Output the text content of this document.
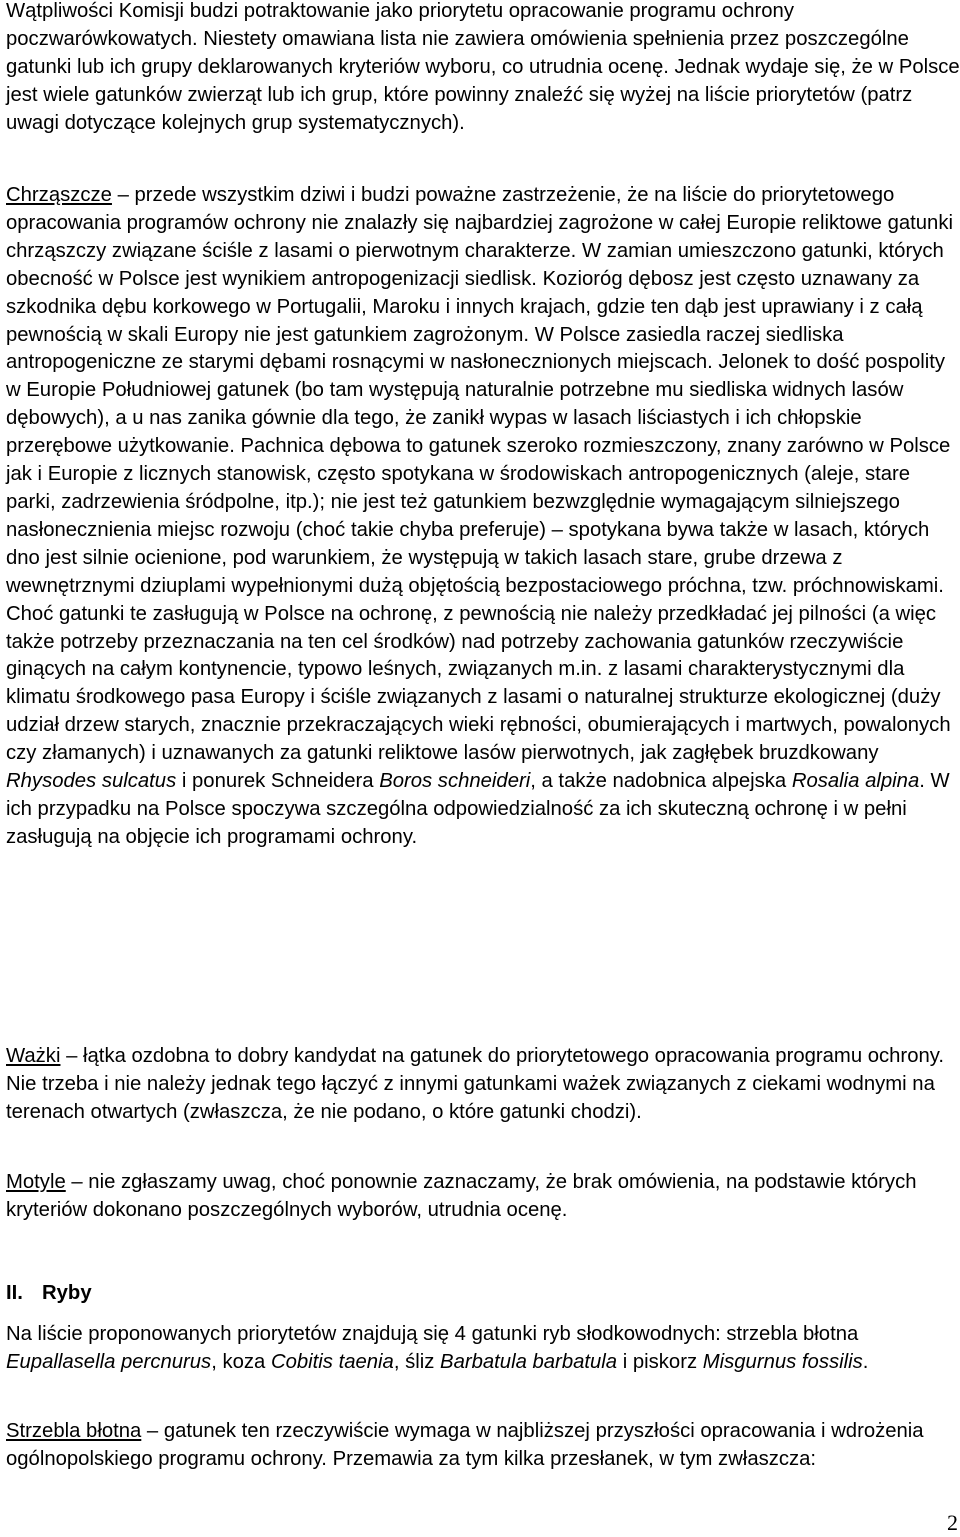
Wątpliwości Komisji budzi potraktowanie jako priorytetu opracowanie programu ochrony poczwarówkowatych. Niestety omawiana lista nie zawiera omówienia spełnienia przez poszczególne gatunki lub ich grupy deklarowanych kryteriów wyboru, co utrudnia ocenę. Jednak wydaje się, że w Polsce jest wiele gatunków zwierząt lub ich grup, które powinny znaleźć się wyżej na liście priorytetów (patrz uwagi dotyczące kolejnych grup systematycznych).

Chrząszcze – przede wszystkim dziwi i budzi poważne zastrzeżenie, że na liście do priorytetowego opracowania programów ochrony nie znalazły się najbardziej zagrożone w całej Europie reliktowe gatunki chrząszczy związane ściśle z lasami o pierwotnym charakterze. W zamian umieszczono gatunki, których obecność w Polsce jest wynikiem antropogenizacji siedlisk. Kozioróg dębosz jest często uznawany za szkodnika dębu korkowego w Portugalii, Maroku i innych krajach, gdzie ten dąb jest uprawiany i z całą pewnością w skali Europy nie jest gatunkiem zagrożonym. W Polsce zasiedla raczej siedliska antropogeniczne ze starymi dębami rosnącymi w nasłonecznionych miejscach. Jelonek to dość pospolity w Europie Południowej gatunek (bo tam występują naturalnie potrzebne mu siedliska widnych lasów dębowych), a u nas zanika gównie dla tego, że zanikł wypas w lasach liściastych i ich chłopskie przerębowe użytkowanie. Pachnica dębowa to gatunek szeroko rozmieszczony, znany zarówno w Polsce jak i Europie z licznych stanowisk, często spotykana w środowiskach antropogenicznych (aleje, stare parki, zadrzewienia śródpolne, itp.); nie jest też gatunkiem bezwzględnie wymagającym silniejszego nasłonecznienia miejsc rozwoju (choć takie chyba preferuje) – spotykana bywa także w lasach, których dno jest silnie ocienione, pod warunkiem, że występują w takich lasach stare, grube drzewa z wewnętrznymi dziuplami wypełnionymi dużą objętością bezpostaciowego próchna, tzw. próchnowiskami. Choć gatunki te zasługują w Polsce na ochronę, z pewnością nie należy przedkładać jej pilności (a więc także potrzeby przeznaczania na ten cel środków) nad potrzeby zachowania gatunków rzeczywiście ginących na całym kontynencie, typowo leśnych, związanych m.in. z lasami charakterystycznymi dla klimatu środkowego pasa Europy i ściśle związanych z lasami o naturalnej strukturze ekologicznej (duży udział drzew starych, znacznie przekraczających wieki rębności, obumierających i martwych, powalonych czy złamanych) i uznawanych za gatunki reliktowe lasów pierwotnych, jak zagłębek bruzdkowany Rhysodes sulcatus i ponurek Schneidera Boros schneideri, a także nadobnica alpejska Rosalia alpina. W ich przypadku na Polsce spoczywa szczególna odpowiedzialność za ich skuteczną ochronę i w pełni zasługują na objęcie ich programami ochrony.

Ważki – łątka ozdobna to dobry kandydat na gatunek do priorytetowego opracowania programu ochrony. Nie trzeba i nie należy jednak tego łączyć z innymi gatunkami ważek związanych z ciekami wodnymi na terenach otwartych (zwłaszcza, że nie podano, o które gatunki chodzi).

Motyle – nie zgłaszamy uwag, choć ponownie zaznaczamy, że brak omówienia, na podstawie których kryteriów dokonano poszczególnych wyborów, utrudnia ocenę.

II. Ryby

Na liście proponowanych priorytetów znajdują się 4 gatunki ryb słodkowodnych: strzebla błotna Eupallasella percnurus, koza Cobitis taenia, śliz Barbatula barbatula i piskorz Misgurnus fossilis.

Strzebla błotna – gatunek ten rzeczywiście wymaga w najbliższej przyszłości opracowania i wdrożenia ogólnopolskiego programu ochrony. Przemawia za tym kilka przesłanek, w tym zwłaszcza:

2
